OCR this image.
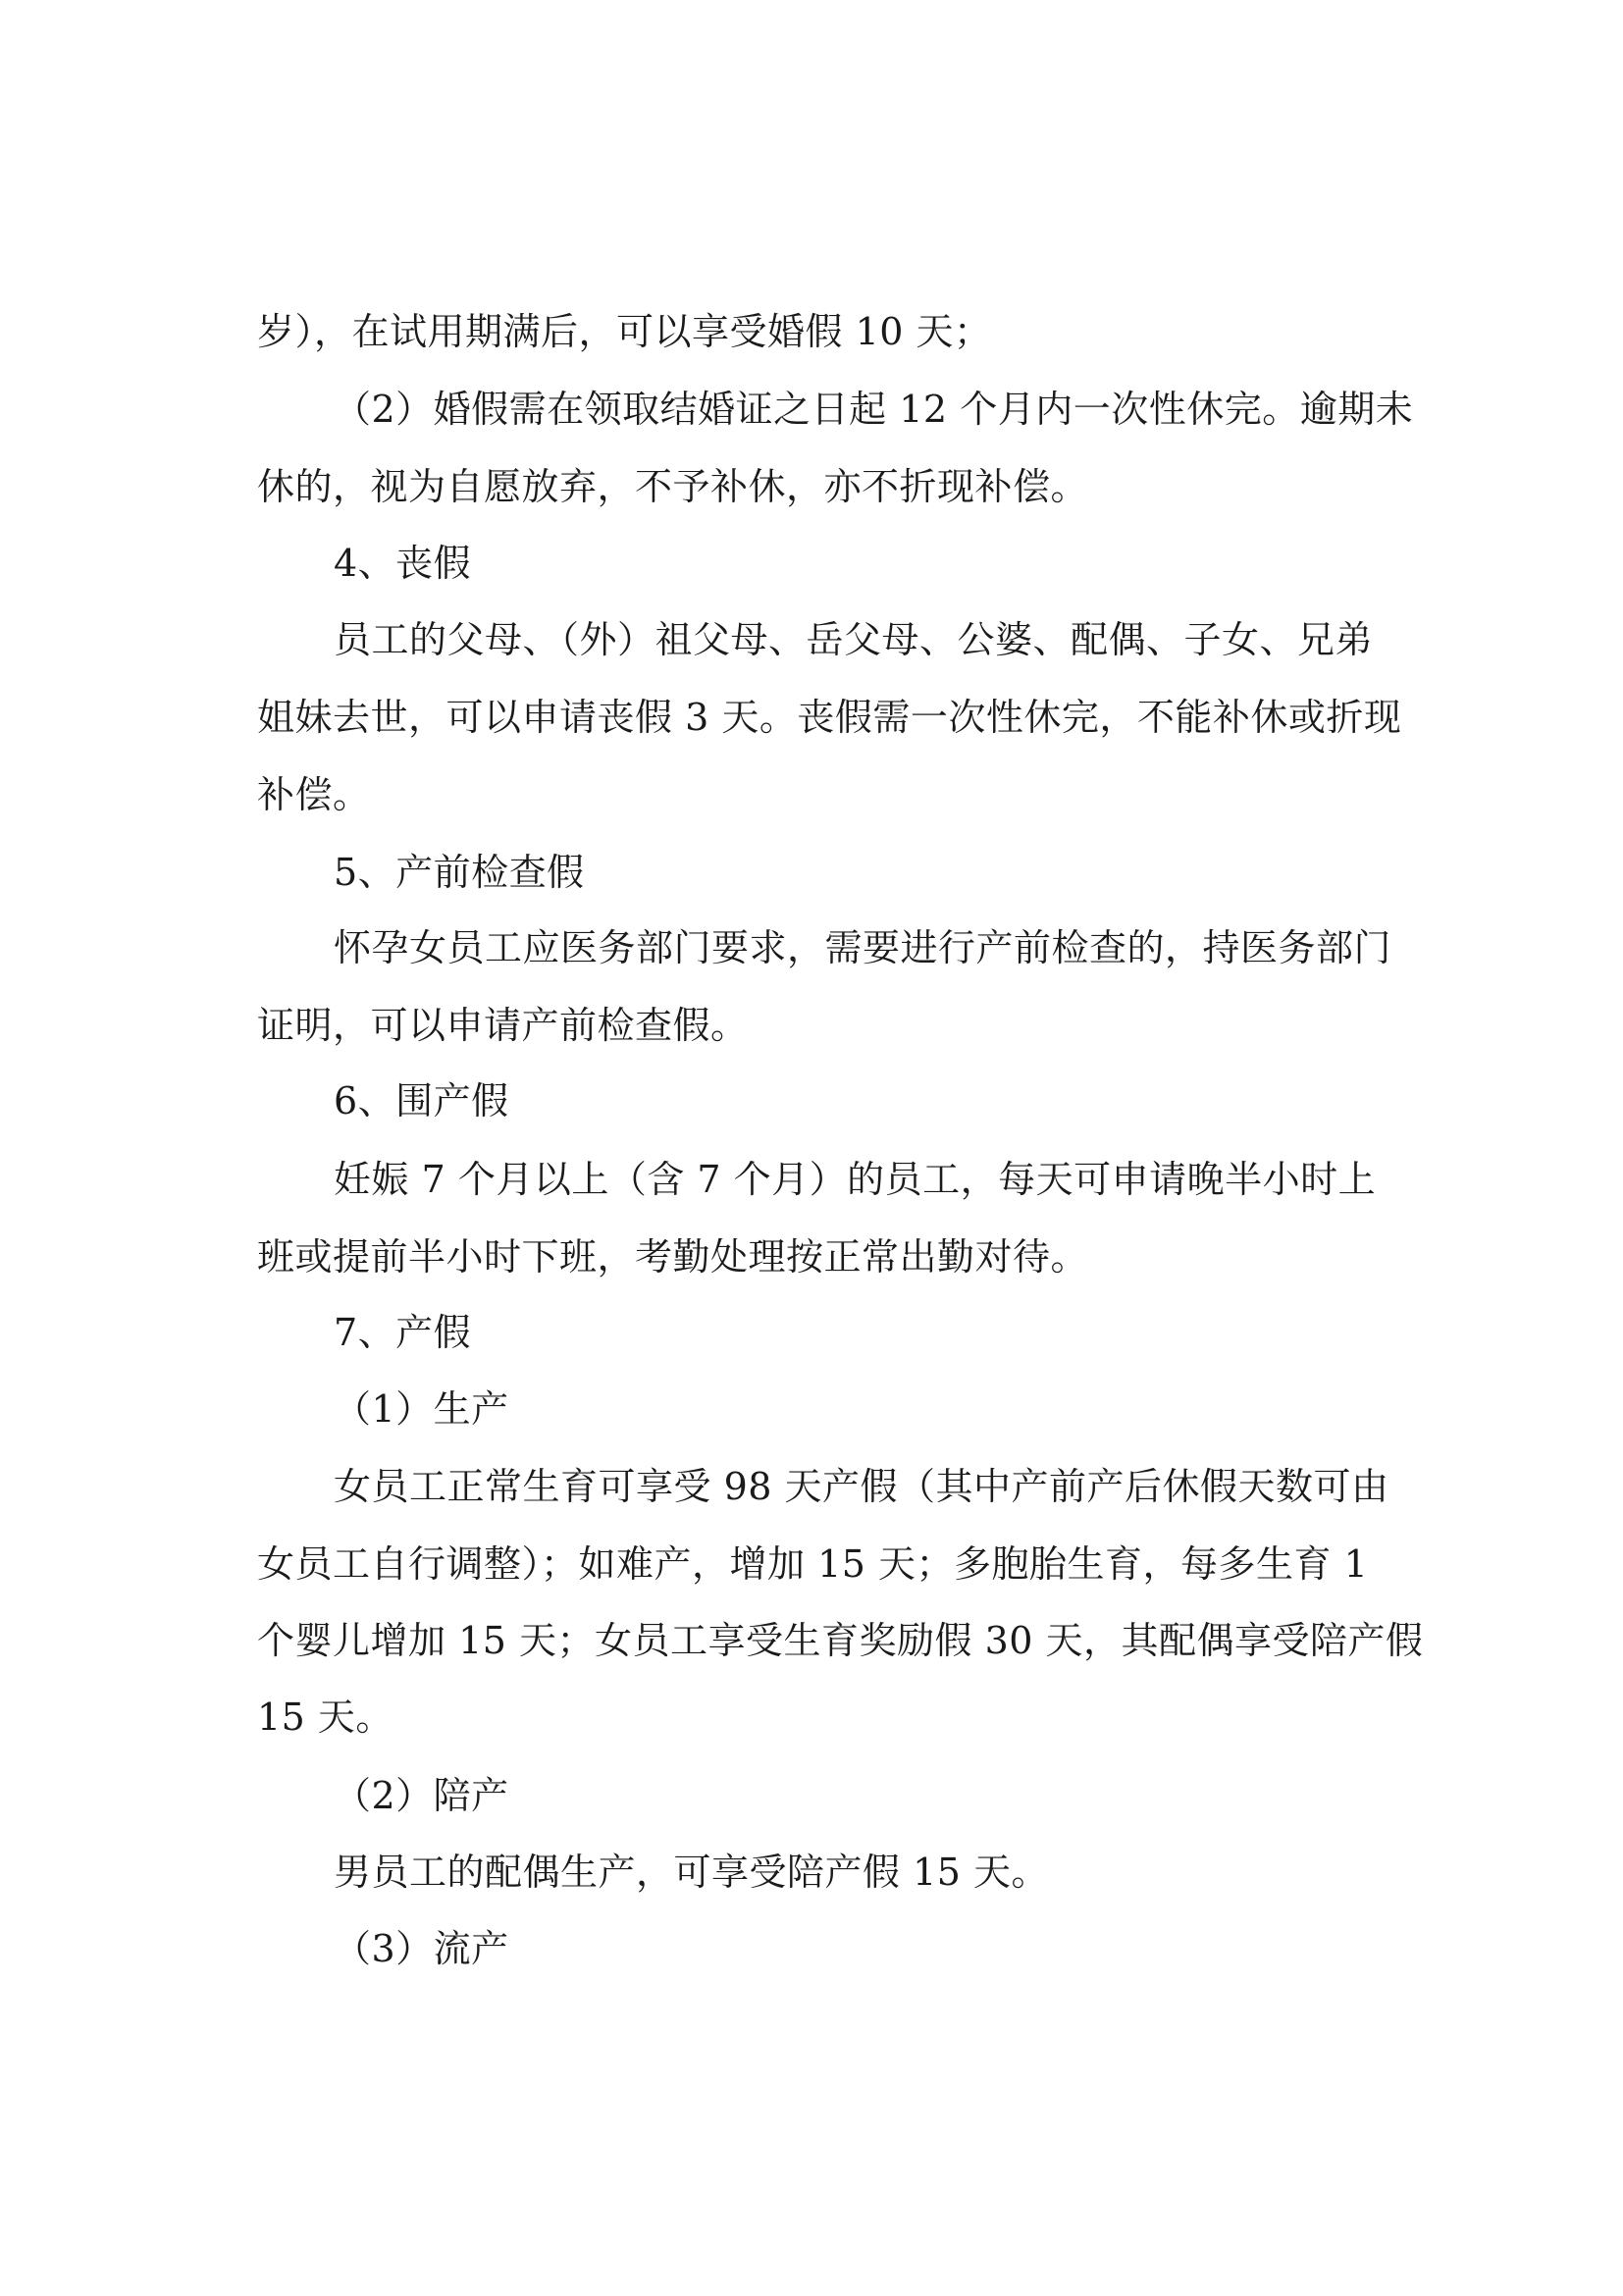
岁），在试用期满后，可以享受婚假 10 天；
（2）婚假需在领取结婚证之日起 12 个月内一次性休完。逾期未
休的，视为自愿放弃，不予补休，亦不折现补偿。
4、丧假
员工的父母、（外）祖父母、岳父母、公婆、配偶、子女、兄弟
姐妹去世，可以申请丧假 3 天。丧假需一次性休完，不能补休或折现
补偿。
5、产前检查假
怀孕女员工应医务部门要求，需要进行产前检查的，持医务部门
证明，可以申请产前检查假。
6、围产假
妊娠 7 个月以上（含 7 个月）的员工，每天可申请晚半小时上
班或提前半小时下班，考勤处理按正常出勤对待。
7、产假
（1）生产
女员工正常生育可享受 98 天产假（其中产前产后休假天数可由
女员工自行调整）；如难产，增加 15 天；多胞胎生育，每多生育 1
个婴儿增加 15 天；女员工享受生育奖励假 30 天，其配偶享受陪产假
15 天。
（2）陪产
男员工的配偶生产，可享受陪产假 15 天。
（3）流产
